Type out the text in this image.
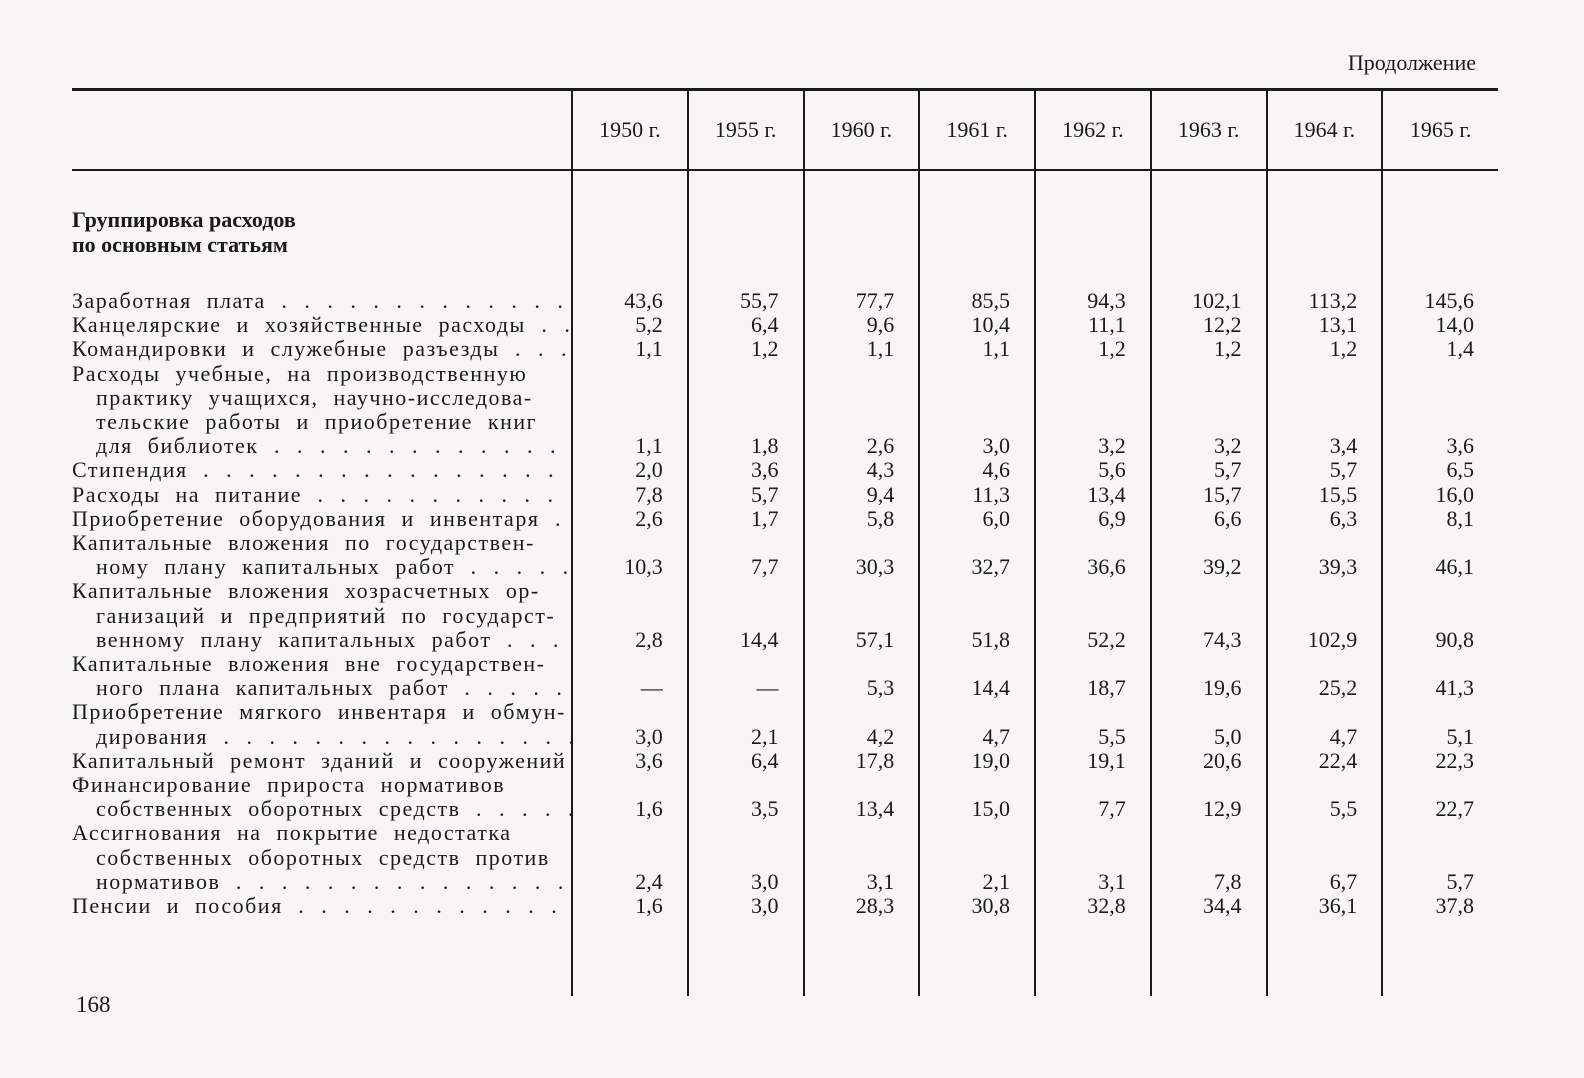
Продолжение
	1950 г.	1955 г.	1960 г.	1961 г.	1962 г.	1963 г.	1964 г.	1965 г.

Группировка расходов
по основным статьям								

Заработная плата . . .	43,6	55,7	77,7	85,5	94,3	102,1	113,2	145,6

Канцелярские и хозяйственные расходы . . .	5,2	6,4	9,6	10,4	11,1	12,2	13,1	14,0

Командировки и служебные разъезды . . .	1,1	1,2	1,1	1,1	1,2	1,2	1,2	1,4

Расходы учебные, на производственную
практику учащихся, научно-исследова-
тельские работы и приобретение книг
для библиотек . . .	1,1	1,8	2,6	3,0	3,2	3,2	3,4	3,6

Стипендия . . .	2,0	3,6	4,3	4,6	5,6	5,7	5,7	6,5

Расходы на питание . . .	7,8	5,7	9,4	11,3	13,4	15,7	15,5	16,0

Приобретение оборудования и инвентаря . . .	2,6	1,7	5,8	6,0	6,9	6,6	6,3	8,1

Капитальные вложения по государствен-
ному плану капитальных работ . . .	10,3	7,7	30,3	32,7	36,6	39,2	39,3	46,1

Капитальные вложения хозрасчетных ор-
ганизаций и предприятий по государст-
венному плану капитальных работ . . .	2,8	14,4	57,1	51,8	52,2	74,3	102,9	90,8

Капитальные вложения вне государствен-
ного плана капитальных работ . . .	—	—	5,3	14,4	18,7	19,6	25,2	41,3

Приобретение мягкого инвентаря и обмун-
дирования . . .	3,0	2,1	4,2	4,7	5,5	5,0	4,7	5,1

Капитальный ремонт зданий и сооружений . . .	3,6	6,4	17,8	19,0	19,1	20,6	22,4	22,3

Финансирование прироста нормативов
собственных оборотных средств . . .	1,6	3,5	13,4	15,0	7,7	12,9	5,5	22,7

Ассигнования на покрытие недостатка
собственных оборотных средств против
нормативов . . .	2,4	3,0	3,1	2,1	3,1	7,8	6,7	5,7

Пенсии и пособия . . .	1,6	3,0	28,3	30,8	32,8	34,4	36,1	37,8

168
